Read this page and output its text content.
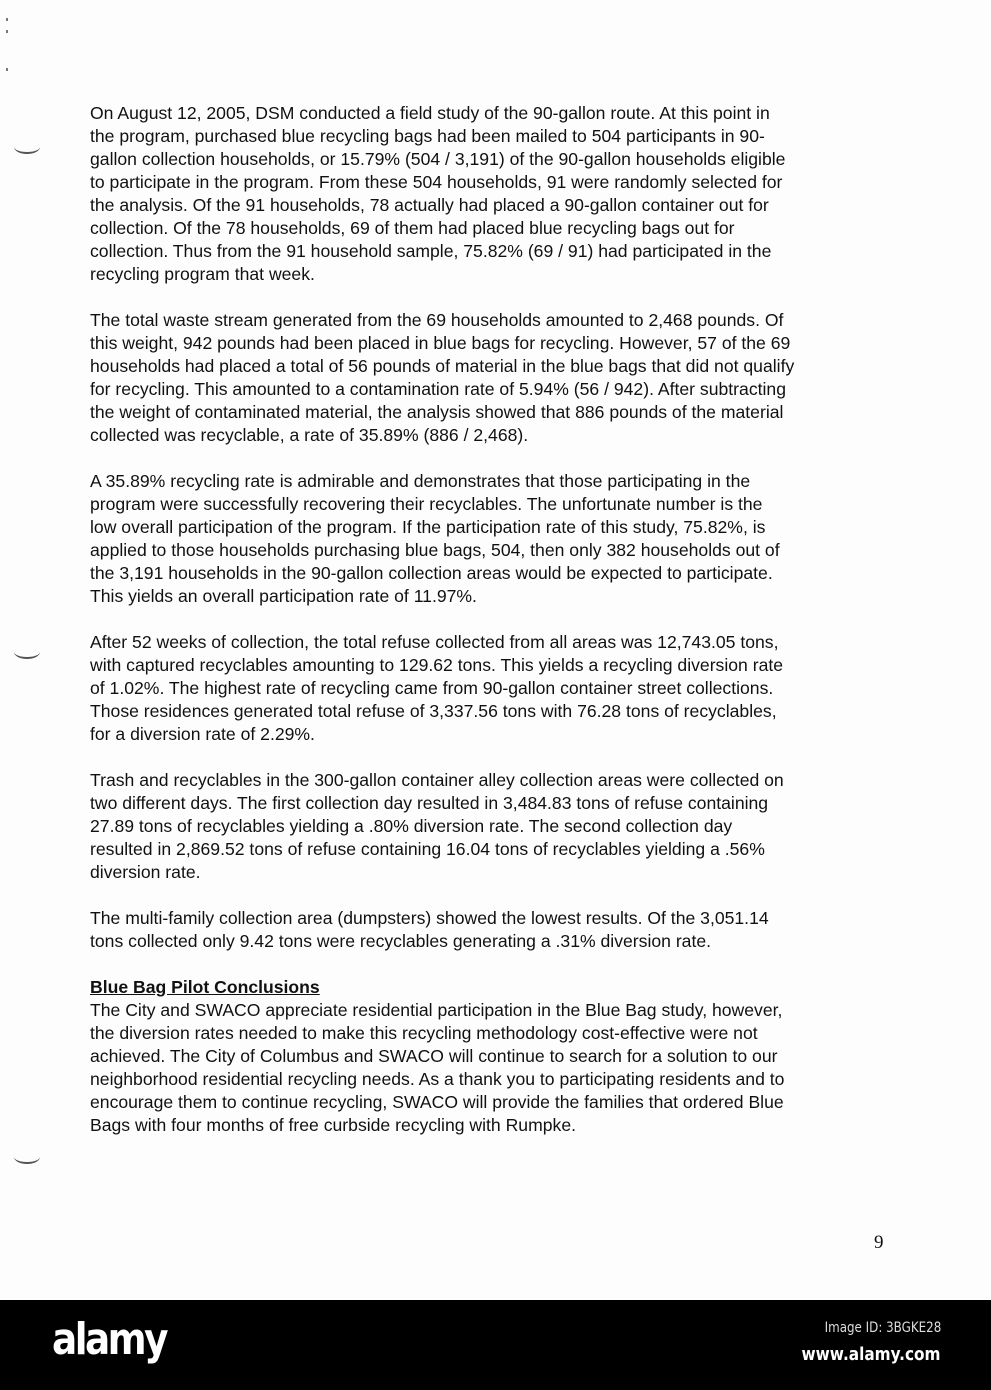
On August 12, 2005, DSM conducted a field study of the 90-gallon route. At this point in
the program, purchased blue recycling bags had been mailed to 504 participants in 90-
gallon collection households, or 15.79% (504 / 3,191) of the 90-gallon households eligible
to participate in the program. From these 504 households, 91 were randomly selected for
the analysis. Of the 91 households, 78 actually had placed a 90-gallon container out for
collection. Of the 78 households, 69 of them had placed blue recycling bags out for
collection. Thus from the 91 household sample, 75.82% (69 / 91) had participated in the
recycling program that week.
The total waste stream generated from the 69 households amounted to 2,468 pounds. Of
this weight, 942 pounds had been placed in blue bags for recycling. However, 57 of the 69
households had placed a total of 56 pounds of material in the blue bags that did not qualify
for recycling. This amounted to a contamination rate of 5.94% (56 / 942). After subtracting
the weight of contaminated material, the analysis showed that 886 pounds of the material
collected was recyclable, a rate of 35.89% (886 / 2,468).
A 35.89% recycling rate is admirable and demonstrates that those participating in the
program were successfully recovering their recyclables. The unfortunate number is the
low overall participation of the program. If the participation rate of this study, 75.82%, is
applied to those households purchasing blue bags, 504, then only 382 households out of
the 3,191 households in the 90-gallon collection areas would be expected to participate.
This yields an overall participation rate of 11.97%.
After 52 weeks of collection, the total refuse collected from all areas was 12,743.05 tons,
with captured recyclables amounting to 129.62 tons. This yields a recycling diversion rate
of 1.02%. The highest rate of recycling came from 90-gallon container street collections.
Those residences generated total refuse of 3,337.56 tons with 76.28 tons of recyclables,
for a diversion rate of 2.29%.
Trash and recyclables in the 300-gallon container alley collection areas were collected on
two different days. The first collection day resulted in 3,484.83 tons of refuse containing
27.89 tons of recyclables yielding a .80% diversion rate. The second collection day
resulted in 2,869.52 tons of refuse containing 16.04 tons of recyclables yielding a .56%
diversion rate.
The multi-family collection area (dumpsters) showed the lowest results. Of the 3,051.14
tons collected only 9.42 tons were recyclables generating a .31% diversion rate.
Blue Bag Pilot Conclusions
The City and SWACO appreciate residential participation in the Blue Bag study, however,
the diversion rates needed to make this recycling methodology cost-effective were not
achieved. The City of Columbus and SWACO will continue to search for a solution to our
neighborhood residential recycling needs. As a thank you to participating residents and to
encourage them to continue recycling, SWACO will provide the families that ordered Blue
Bags with four months of free curbside recycling with Rumpke.
9
alamy	Image ID: 3BGKE28
www.alamy.com
